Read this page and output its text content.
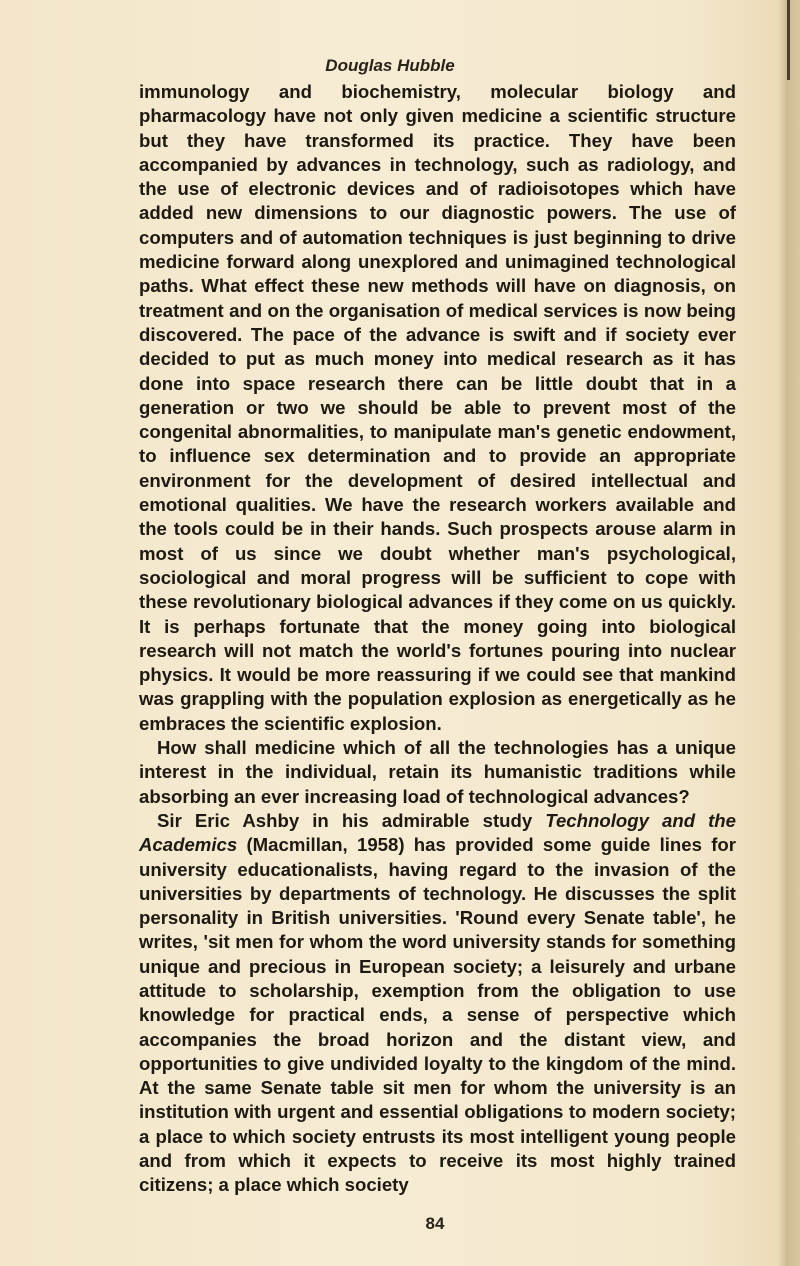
Douglas Hubble

immunology and biochemistry, molecular biology and pharmacology have not only given medicine a scientific structure but they have transformed its practice. They have been accompanied by advances in technology, such as radiology, and the use of electronic devices and of radioisotopes which have added new dimensions to our diagnostic powers. The use of computers and of automation techniques is just beginning to drive medicine forward along unexplored and unimagined technological paths. What effect these new methods will have on diagnosis, on treatment and on the organisation of medical services is now being discovered. The pace of the advance is swift and if society ever decided to put as much money into medical research as it has done into space research there can be little doubt that in a generation or two we should be able to prevent most of the congenital abnormalities, to manipulate man's genetic endowment, to influence sex determination and to provide an appropriate environment for the development of desired intellectual and emotional qualities. We have the research workers available and the tools could be in their hands. Such prospects arouse alarm in most of us since we doubt whether man's psychological, sociological and moral progress will be sufficient to cope with these revolutionary biological advances if they come on us quickly. It is perhaps fortunate that the money going into biological research will not match the world's fortunes pouring into nuclear physics. It would be more reassuring if we could see that mankind was grappling with the population explosion as energetically as he embraces the scientific explosion.

How shall medicine which of all the technologies has a unique interest in the individual, retain its humanistic traditions while absorbing an ever increasing load of technological advances?

Sir Eric Ashby in his admirable study Technology and the Academics (Macmillan, 1958) has provided some guide lines for university educationalists, having regard to the invasion of the universities by departments of technology. He discusses the split personality in British universities. 'Round every Senate table', he writes, 'sit men for whom the word university stands for something unique and precious in European society; a leisurely and urbane attitude to scholarship, exemption from the obligation to use knowledge for practical ends, a sense of perspective which accompanies the broad horizon and the distant view, and opportunities to give undivided loyalty to the kingdom of the mind. At the same Senate table sit men for whom the university is an institution with urgent and essential obligations to modern society; a place to which society entrusts its most intelligent young people and from which it expects to receive its most highly trained citizens; a place which society

84
